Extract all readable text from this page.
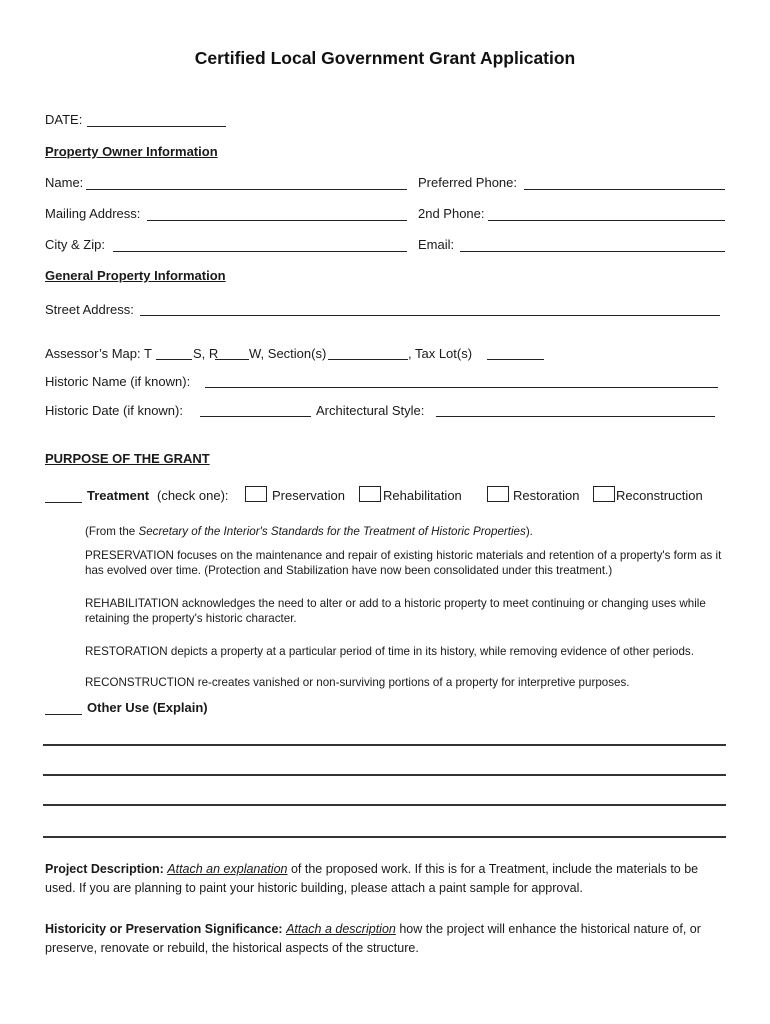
Certified Local Government Grant Application
DATE:
Property Owner Information
Name:	Preferred Phone:
Mailing Address:	2nd Phone:
City & Zip:	Email:
General Property Information
Street Address:
Assessor’s Map: T	S, R W, Section(s)	, Tax Lot(s)
Historic Name (if known):
Historic Date (if known):	Architectural Style:
PURPOSE OF THE GRANT
Treatment (check one):	Preservation	Rehabilitation	Restoration	Reconstruction
(From the Secretary of the Interior's Standards for the Treatment of Historic Properties).
PRESERVATION focuses on the maintenance and repair of existing historic materials and retention of a property's form as it has evolved over time. (Protection and Stabilization have now been consolidated under this treatment.)
REHABILITATION acknowledges the need to alter or add to a historic property to meet continuing or changing uses while retaining the property's historic character.
RESTORATION depicts a property at a particular period of time in its history, while removing evidence of other periods.
RECONSTRUCTION re-creates vanished or non-surviving portions of a property for interpretive purposes.
Other Use (Explain)
Project Description: Attach an explanation of the proposed work. If this is for a Treatment, include the materials to be used. If you are planning to paint your historic building, please attach a paint sample for approval.
Historicity or Preservation Significance: Attach a description how the project will enhance the historical nature of, or preserve, renovate or rebuild, the historical aspects of the structure.
